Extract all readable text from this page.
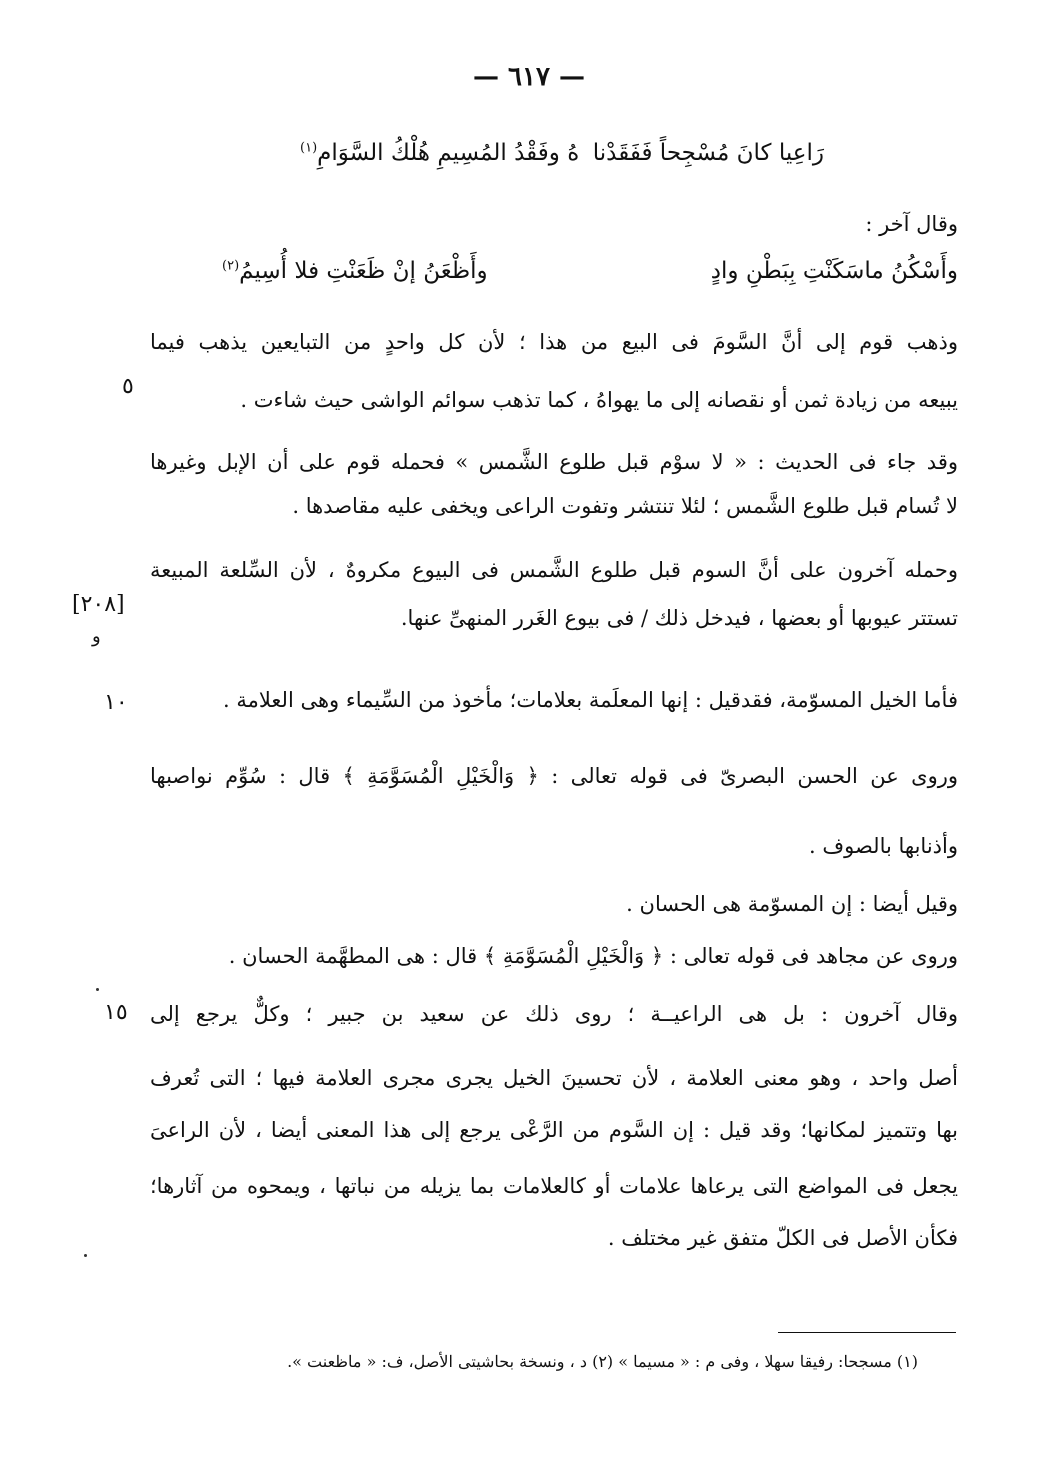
— ٦١٧ —
رَاعِيا كانَ مُسْجِحاً فَفَقَدْنا
هُ وفَقْدُ المُسِيمِ هُلْكُ السَّوَامِ$^{(١)}$
وقال آخر :
وأَسْكُنُ ماسَكَنْتِ بِبَطْنِ وادٍ
وأَظْعَنُ إنْ ظَعَنْتِ فلا أُسِيمُ$^{(٢)}$
وذهب قوم إلى أنَّ السَّومَ فى البيع من هذا ؛ لأن كل واحدٍ من التبايعين يذهب فيما
يبيعه من زيادة ثمن أو نقصانه إلى ما يهواهُ ، كما تذهب سوائم الواشى حيث شاءت .
وقد جاء فى الحديث : « لا سوْم قبل طلوع الشَّمس » فحمله قوم على أن الإبل وغيرها
لا تُسام قبل طلوع الشَّمس ؛ لئلا تنتشر وتفوت الراعى ويخفى عليه مقاصدها .
وحمله آخرون على أنَّ السوم قبل طلوع الشَّمس فى البيوع مكروهٌ ، لأن السِّلعة المبيعة
تستتر عيوبها أو بعضها ، فيدخل ذلك / فى بيوع الغَرر المنهىِّ عنها.
فأما الخيل المسوّمة، فقدقيل : إنها المعلَمة بعلامات؛ مأخوذ من السِّيماء وهى العلامة .
وروى عن الحسن البصرىّ فى قوله تعالى : ﴿ وَالْخَيْلِ الْمُسَوَّمَةِ ﴾ قال : سُوِّم نواصبها
وأذنابها بالصوف .
وقيل أيضا : إن المسوّمة هى الحسان .
وروى عن مجاهد فى قوله تعالى : ﴿ وَالْخَيْلِ الْمُسَوَّمَةِ ﴾ قال : هى المطهَّمة الحسان .
وقال آخرون : بل هى الراعيــة ؛ روى ذلك عن سعيد بن جبير ؛ وكلٌّ يرجع إلى
أصل واحد ، وهو معنى العلامة ، لأن تحسينَ الخيل يجرى مجرى العلامة فيها ؛ التى تُعرف
بها وتتميز لمكانها؛ وقد قيل : إن السَّوم من الرَّعْى يرجع إلى هذا المعنى أيضا ، لأن الراعىَ
يجعل فى المواضع التى يرعاها علامات أو كالعلامات بما يزيله من نباتها ، ويمحوه من آثارها؛
فكأن الأصل فى الكلّ متفق غير مختلف .
٥
[٢٠٨]
و
١٠
١٥
(١) مسجحا: رفيقا سهلا ، وفى م : « مسيما » (٢) د ، ونسخة بحاشيتى الأصل، ف: « ماظعنت ».
